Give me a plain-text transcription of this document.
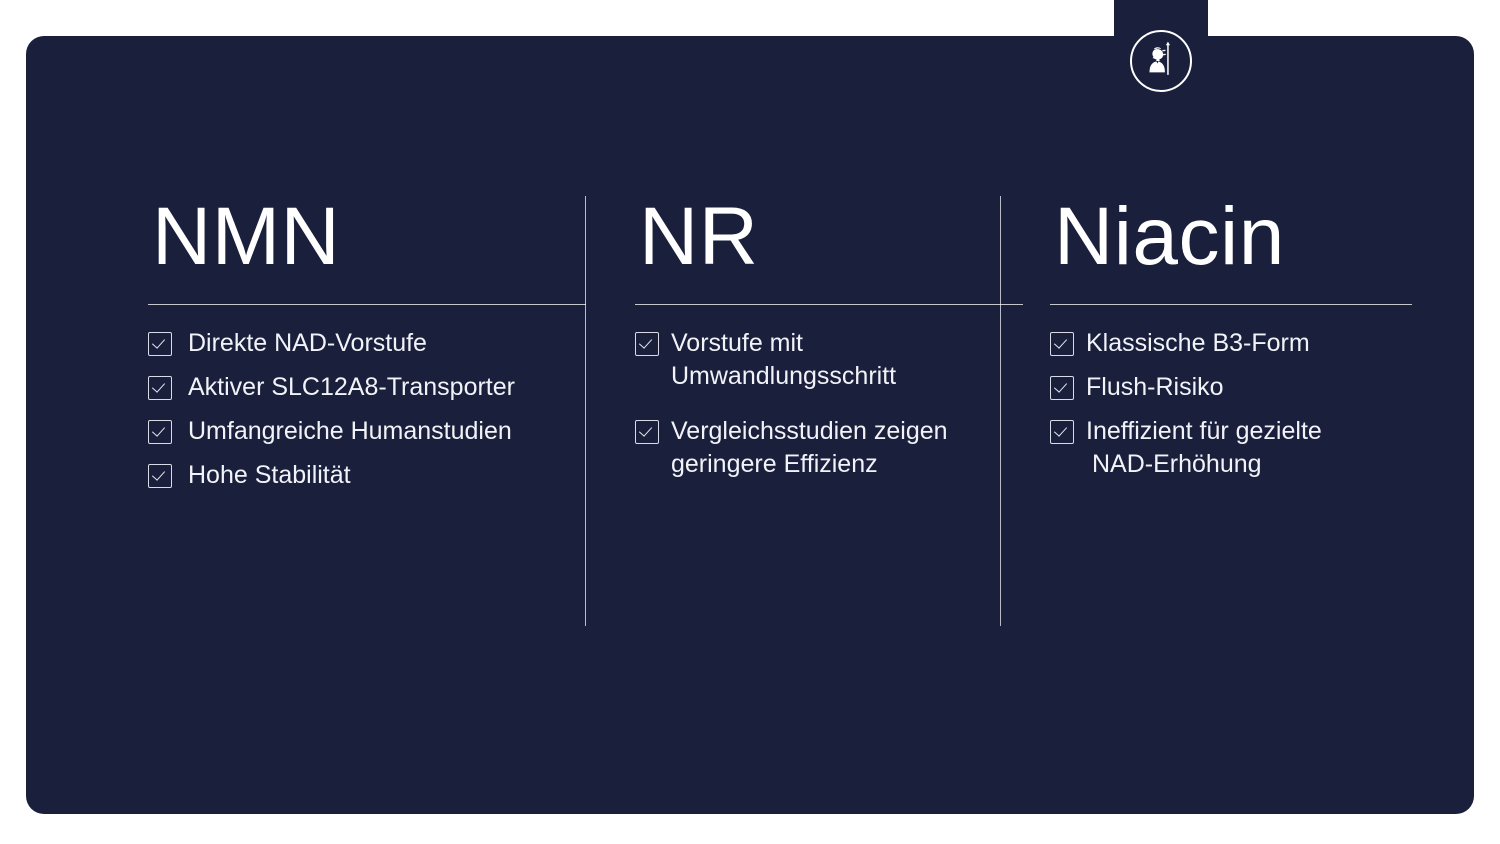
NMN
Direkte NAD-Vorstufe
Aktiver SLC12A8-Transporter
Umfangreiche Humanstudien
Hohe Stabilität
NR
Vorstufe mit
Umwandlungsschritt
Vergleichsstudien zeigen
geringere Effizienz
Niacin
Klassische B3-Form
Flush-Risiko
Ineffizient für gezielte
NAD-Erhöhung
